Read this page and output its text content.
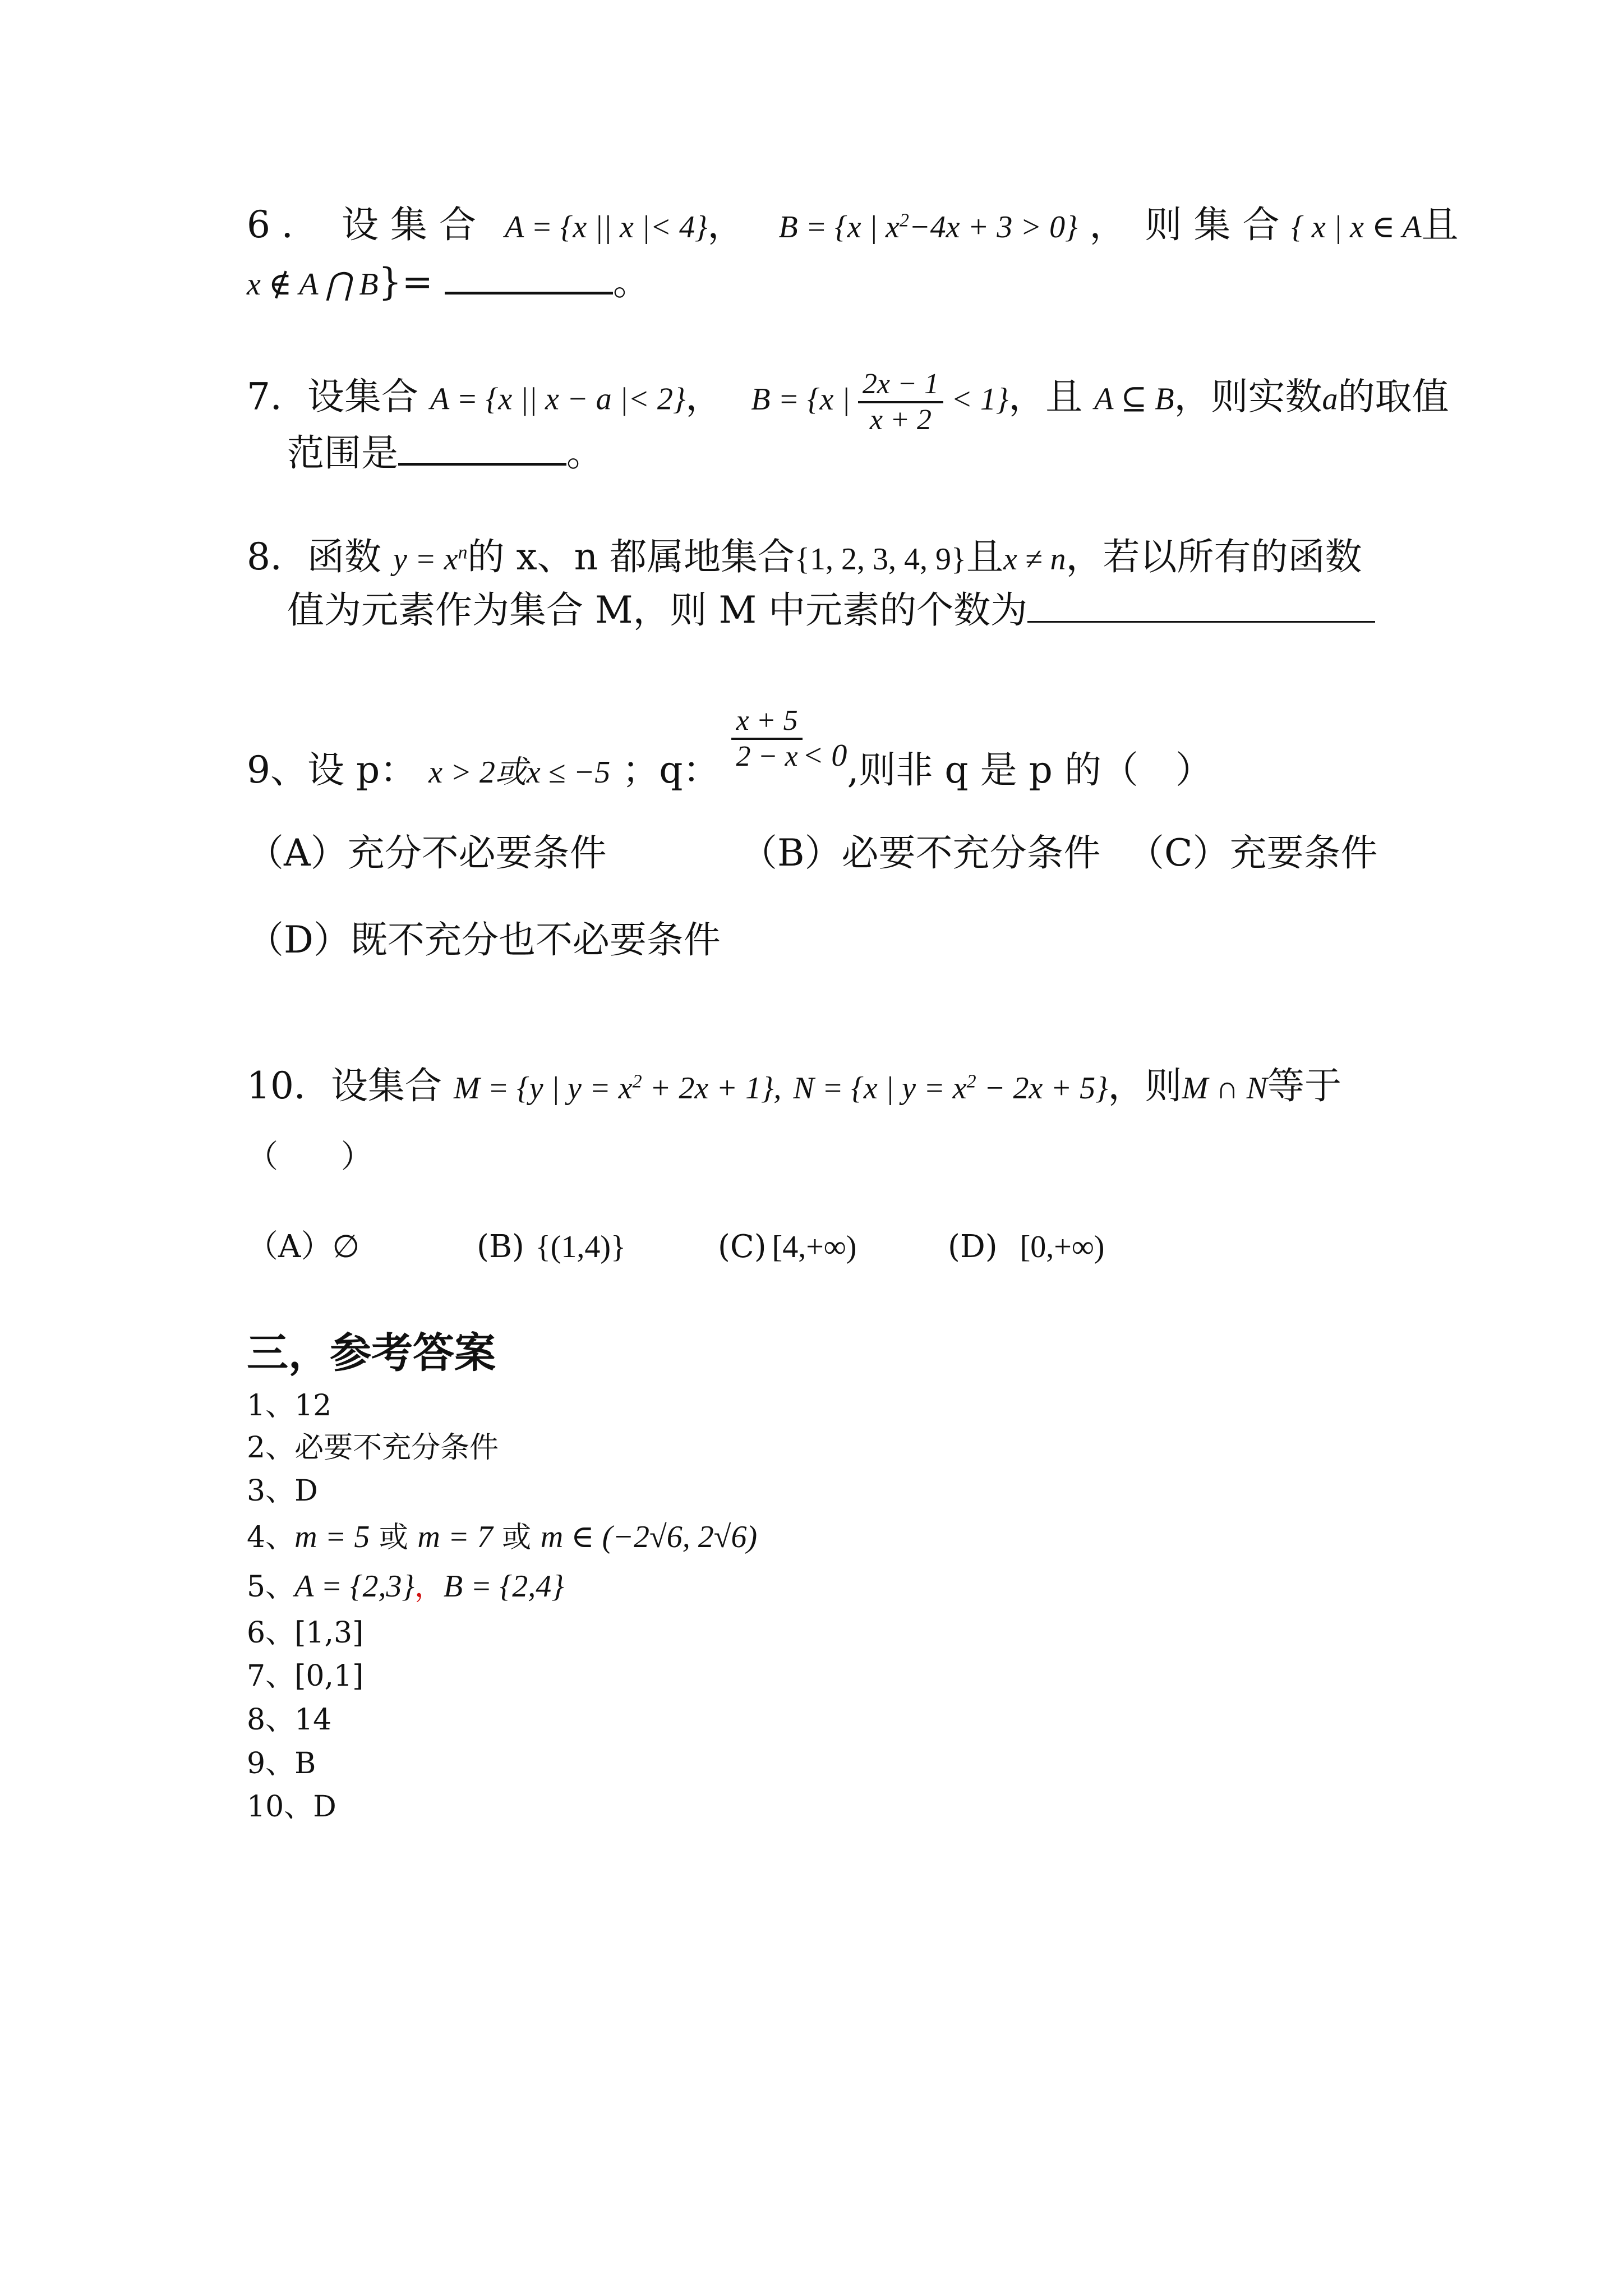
6 ． 设 集 合 A = {x || x |< 4}， B = {x | $x^2-4x + 3 > 0$} ，　则 集 合 { x | x ∈ A且
x ∉ A ⋂ B}=	。
7．设集合 A = {x || x − a |< 2}， B = {x | $\frac{2x - 1}{x + 2} < 1$}，且 A ⊆ B，则实数a的取值
范围是	。
8．函数 $y = x^n$的 x、n 都属地集合{1, 2, 3, 4, 9}且x ≠ n，若以所有的函数
值为元素作为集合 M，则 M 中元素的个数为
9、设 p： x > 2或x ≤ −5 ；q： $\frac{x + 5}{2 - x} ^{< 0}$,则非 q 是 p 的（　）
（A）充分不必要条件	（B）必要不充分条件 （C）充要条件
（D）既不充分也不必要条件
10．设集合 M = {y | $y = x^2 + 2x + 1$}, N = {x | $y = x^2 - 2x + 5$}，则M ∩ N等于
（　　）
（A）∅	(B) {(1,4)}	(C) [4,+∞)	(D) [0,+∞)
三，参考答案
1、12
2、必要不充分条件
3、D
4、m = 5 或 m = 7 或 m ∈ (−2√6, 2√6)
5、A = {2,3}，B = {2,4}
6、[1,3]
7、[0,1]
8、14
9、B
10、D
